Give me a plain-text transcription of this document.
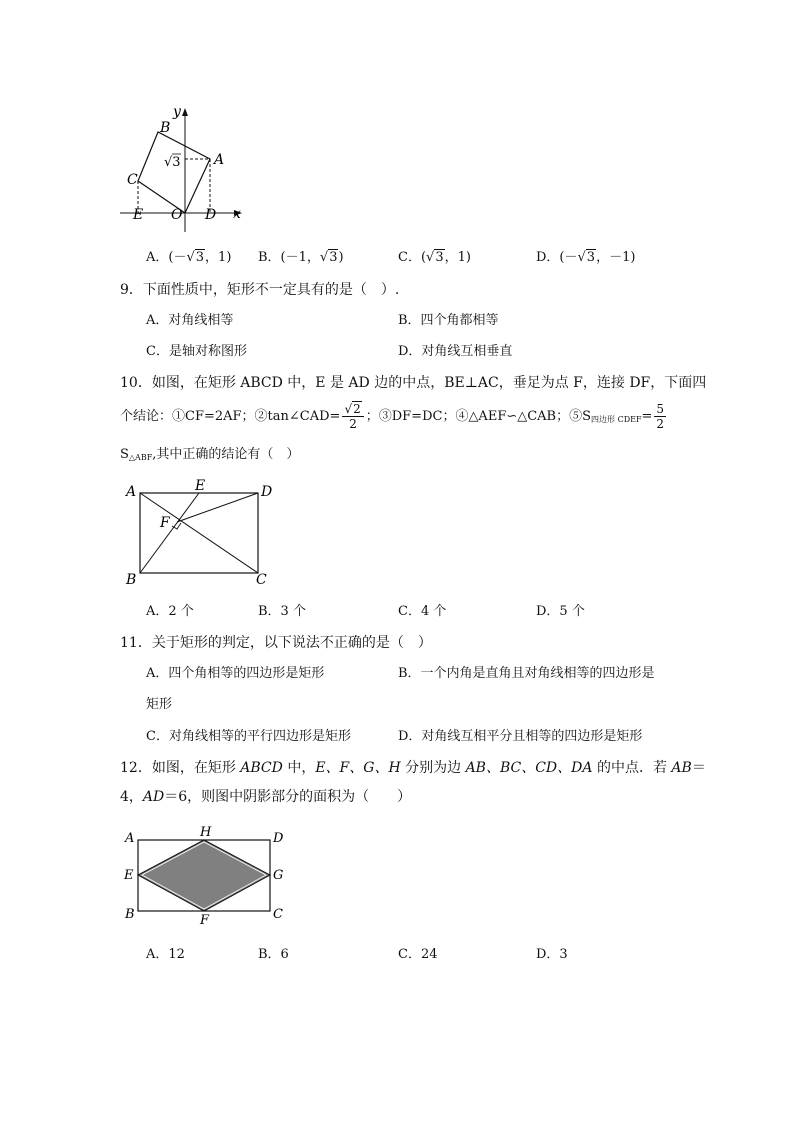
y
x
B
A
C
E O D
√3
A．(－√3，1) B．(－1，√3)	C．(√3，1)	D．(－√3，－1)
9．下面性质中，矩形不一定具有的是（　）.
A．对角线相等	B．四个角都相等
C．是轴对称图形	D．对角线互相垂直
10．如图，在矩形 ABCD 中，E 是 AD 边的中点，BE⊥AC，垂足为点 F，连接 DF，下面四
个结论：①CF=2AF；②tan∠CAD= $\frac{√2}{2}$ ；③DF=DC；④△AEF∽△CAB；$⑤S_{四边形 CDEF}= \frac{5}{2}$
$S_{\triangle ABF}$,其中正确的结论有（　）
A	E	D
F
B	C
A．2 个	B．3 个	C．4 个	D．5 个
11．关于矩形的判定，以下说法不正确的是（　）
A．四个角相等的四边形是矩形	B．一个内角是直角且对角线相等的四边形是
矩形
C．对角线相等的平行四边形是矩形	D．对角线互相平分且相等的四边形是矩形
12．如图，在矩形 ABCD 中，E、F、G、H 分别为边 AB、BC、CD、DA 的中点．若 AB＝
4，AD＝6，则图中阴影部分的面积为（　　）
A	H	D
E	G
B	F	C
A．12	B．6	C．24	D．3
